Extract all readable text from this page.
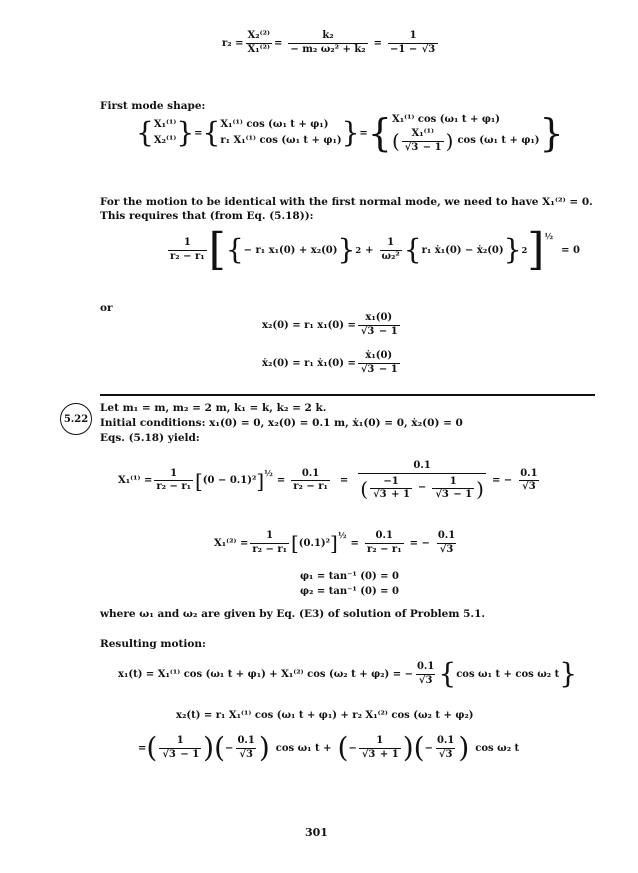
$r_2 = \frac{\text{X₂⁽²⁾}}{\text{X₁⁽²⁾}} = \frac{\text{k₂}}{\text{− m₂ ω₂² + k₂}} = \frac{1}{-1 - √3}$
First mode shape:
{ X₁⁽¹⁾
X₂⁽¹⁾ } = { X₁⁽¹⁾ cos (ω₁ t + φ₁)
r₁ X₁⁽¹⁾ cos (ω₁ t + φ₁) } = { X₁⁽¹⁾ cos (ω₁ t + φ₁)
( $\frac{\text{X₁⁽¹⁾}}{√3 - 1}$ ) cos (ω₁ t + φ₁) }
For the motion to be identical with the first normal mode, we need to have X₁⁽²⁾ = 0.
This requires that (from Eq. (5.18)):
$\frac{1}{\text{r₂ − r₁}}$ [ { − r₁ x₁(0) + x₂(0) } $2 + \frac{1}{\text{ω₂²}}$ { r₁ ẋ₁(0) − ẋ₂(0) } 2 ]$^{\frac{1}{2}}$
= 0
or
x₂(0) = r₁ $x_1(0) = \frac{\text{x₁(0)}}{√3 - 1}$
ẋ₂(0) = r₁ ẋ₁(0) = $\frac{\text{ẋ₁(0)}}{√3 - 1}$
5.22
Let m₁ = m, m₂ = 2 m, k₁ = k, k₂ = 2 k.
Initial conditions: x₁(0) = 0, x₂(0) = 0.1 m, ẋ₁(0) = 0, ẋ₂(0) = 0
Eqs. (5.18) yield:
$X_1^{(1)} = \frac{1}{\text{r₂ − r₁}}$ [ (0 − 0.1)² ]$^{\frac{1}{2}}$
= $\frac{0.1}{\text{r₂ − r₁}} = \frac{0.1}{( \frac{-1}{√3 + 1} - \frac{1}{√3 - 1} )}$ = − $\frac{0.1}{√3}$
$X_1^{(2)} = \frac{1}{\text{r₂ − r₁}}$ [ (0.1)² ]$^{\frac{1}{2}}$
= $\frac{0.1}{\text{r₂ − r₁}}$ = − $\frac{0.1}{√3}$
φ₁ = tan⁻¹ (0) = 0
φ₂ = tan⁻¹ (0) = 0
where ω₁ and ω₂ are given by Eq. (E3) of solution of Problem 5.1.
Resulting motion:
x₁(t) = X₁⁽¹⁾ cos (ω₁ t + φ₁) + X₁⁽²⁾ cos (ω₂ t + φ₂) = − $\frac{0.1}{√3}$ { cos ω₁ t + cos ω₂ t }
x₂(t) = r₁ X₁⁽¹⁾ cos (ω₁ t + φ₁) + r₂ X₁⁽²⁾ cos (ω₂ t + φ₂)
= ( $\frac{1}{√3 - 1}$ ) ( − $\frac{0.1}{√3}$ ) cos ω₁ t + ( − $\frac{1}{√3 + 1}$ ) ( − $\frac{0.1}{√3}$ ) cos ω₂ t
301
